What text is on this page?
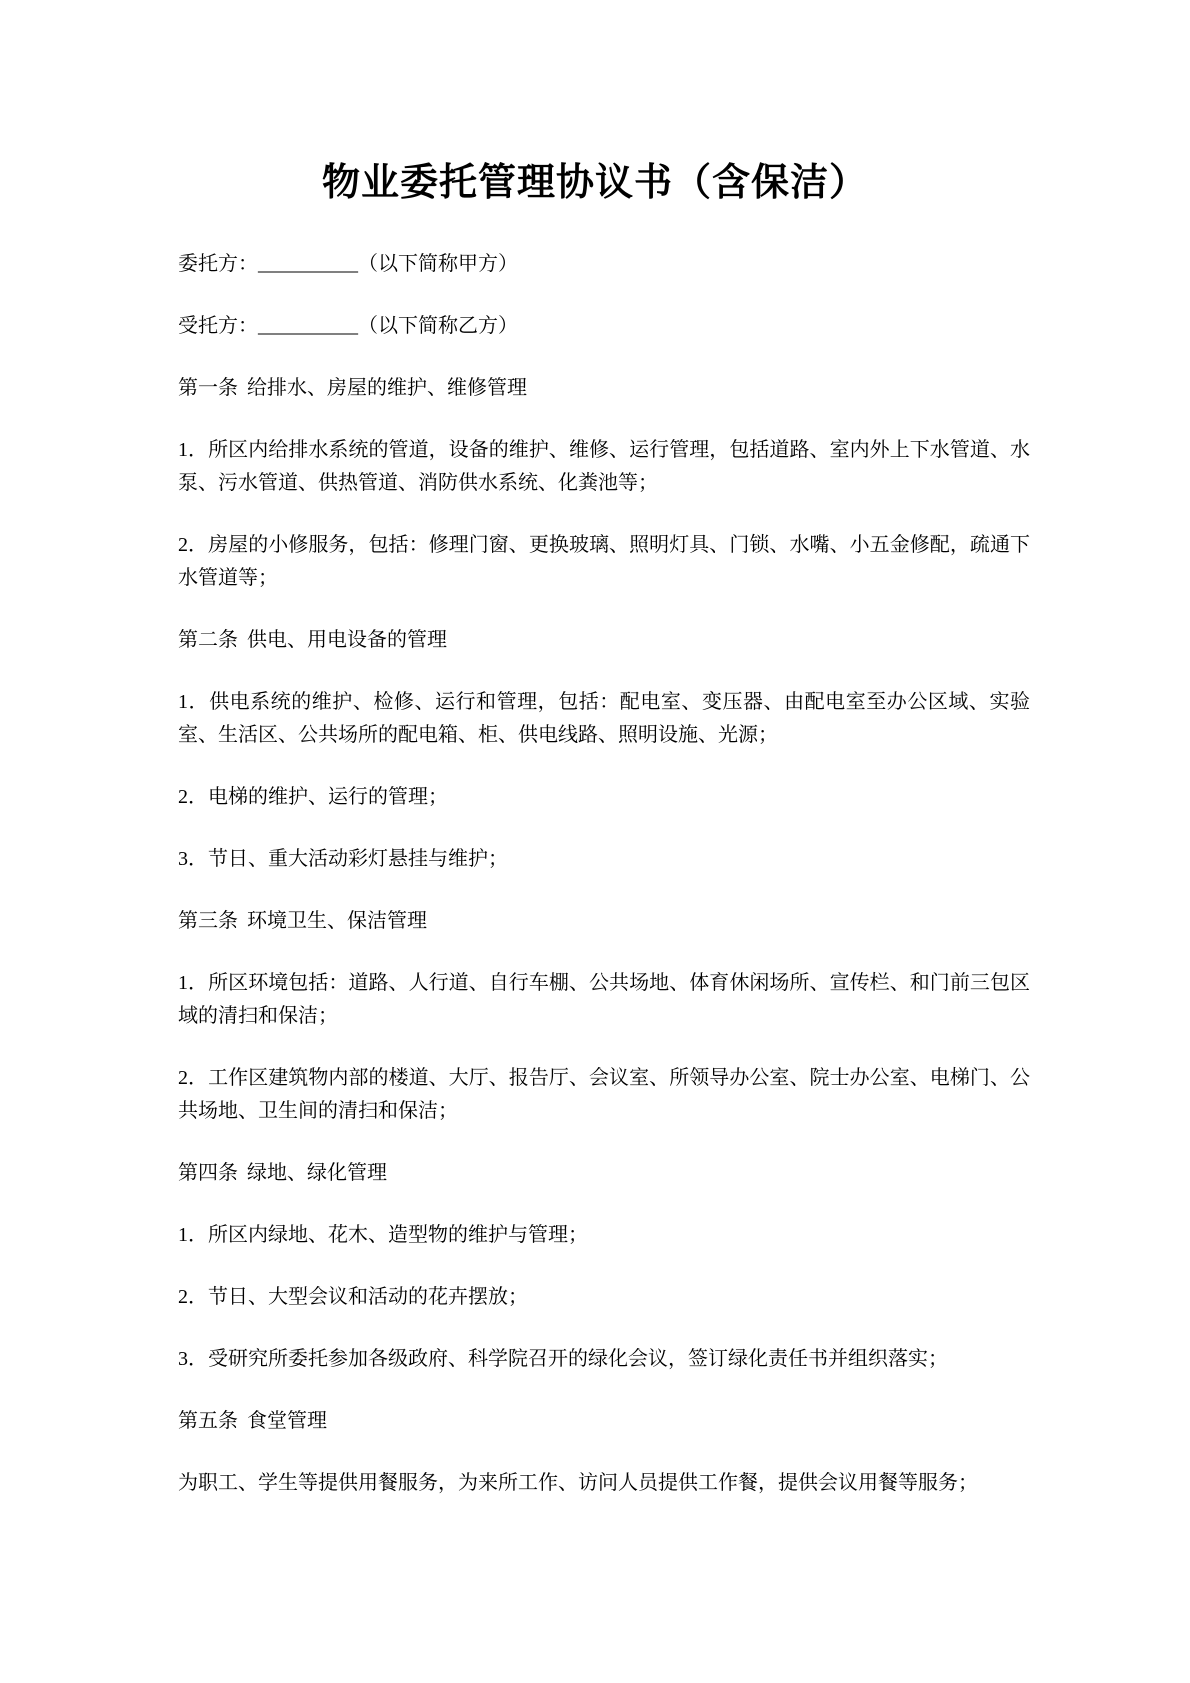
物业委托管理协议书（含保洁）

委托方：__________（以下简称甲方）

受托方：__________（以下简称乙方）

第一条 给排水、房屋的维护、维修管理

1．所区内给排水系统的管道，设备的维护、维修、运行管理，包括道路、室内外上下水管道、水泵、污水管道、供热管道、消防供水系统、化粪池等；

2．房屋的小修服务，包括：修理门窗、更换玻璃、照明灯具、门锁、水嘴、小五金修配，疏通下水管道等；

第二条 供电、用电设备的管理

1．供电系统的维护、检修、运行和管理，包括：配电室、变压器、由配电室至办公区域、实验室、生活区、公共场所的配电箱、柜、供电线路、照明设施、光源；

2．电梯的维护、运行的管理；

3．节日、重大活动彩灯悬挂与维护；

第三条 环境卫生、保洁管理

1．所区环境包括：道路、人行道、自行车棚、公共场地、体育休闲场所、宣传栏、和门前三包区域的清扫和保洁；

2．工作区建筑物内部的楼道、大厅、报告厅、会议室、所领导办公室、院士办公室、电梯门、公共场地、卫生间的清扫和保洁；

第四条 绿地、绿化管理

1．所区内绿地、花木、造型物的维护与管理；

2．节日、大型会议和活动的花卉摆放；

3．受研究所委托参加各级政府、科学院召开的绿化会议，签订绿化责任书并组织落实；

第五条 食堂管理

为职工、学生等提供用餐服务，为来所工作、访问人员提供工作餐，提供会议用餐等服务；
